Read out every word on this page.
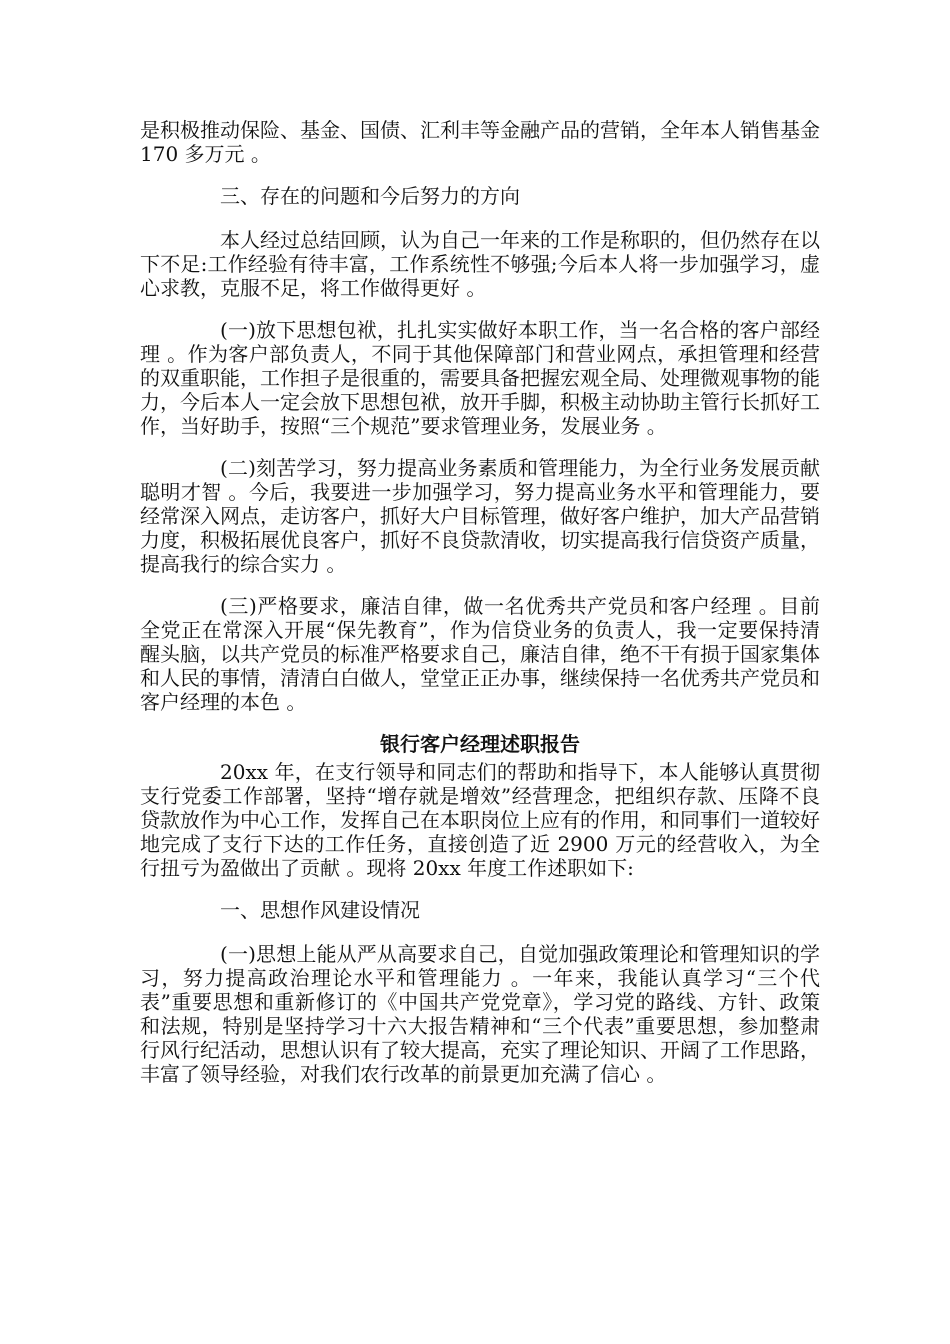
是积极推动保险、基金、国债、汇利丰等金融产品的营销，全年本人销售基金 170 多万元 。

三、存在的问题和今后努力的方向

本人经过总结回顾，认为自己一年来的工作是称职的，但仍然存在以下不足:工作经验有待丰富，工作系统性不够强;今后本人将一步加强学习，虚心求教，克服不足，将工作做得更好 。

(一)放下思想包袱，扎扎实实做好本职工作，当一名合格的客户部经理 。作为客户部负责人，不同于其他保障部门和营业网点，承担管理和经营的双重职能，工作担子是很重的，需要具备把握宏观全局、处理微观事物的能力，今后本人一定会放下思想包袱，放开手脚，积极主动协助主管行长抓好工作，当好助手，按照“三个规范”要求管理业务，发展业务 。

(二)刻苦学习，努力提高业务素质和管理能力，为全行业务发展贡献聪明才智 。今后，我要进一步加强学习，努力提高业务水平和管理能力，要经常深入网点，走访客户，抓好大户目标管理，做好客户维护，加大产品营销力度，积极拓展优良客户，抓好不良贷款清收，切实提高我行信贷资产质量，提高我行的综合实力 。

(三)严格要求，廉洁自律，做一名优秀共产党员和客户经理 。目前全党正在常深入开展“保先教育”，作为信贷业务的负责人，我一定要保持清醒头脑，以共产党员的标准严格要求自己，廉洁自律，绝不干有损于国家集体和人民的事情，清清白白做人，堂堂正正办事，继续保持一名优秀共产党员和客户经理的本色 。

银行客户经理述职报告

20xx 年，在支行领导和同志们的帮助和指导下，本人能够认真贯彻支行党委工作部署，坚持“增存就是增效”经营理念，把组织存款、压降不良贷款放作为中心工作，发挥自己在本职岗位上应有的作用，和同事们一道较好地完成了支行下达的工作任务，直接创造了近 2900 万元的经营收入，为全行扭亏为盈做出了贡献 。现将 20xx 年度工作述职如下:

一、思想作风建设情况

(一)思想上能从严从高要求自己，自觉加强政策理论和管理知识的学习，努力提高政治理论水平和管理能力 。一年来，我能认真学习“三个代表”重要思想和重新修订的《中国共产党党章》，学习党的路线、方针、政策和法规，特别是坚持学习十六大报告精神和“三个代表”重要思想，参加整肃行风行纪活动，思想认识有了较大提高，充实了理论知识、开阔了工作思路，丰富了领导经验，对我们农行改革的前景更加充满了信心 。
